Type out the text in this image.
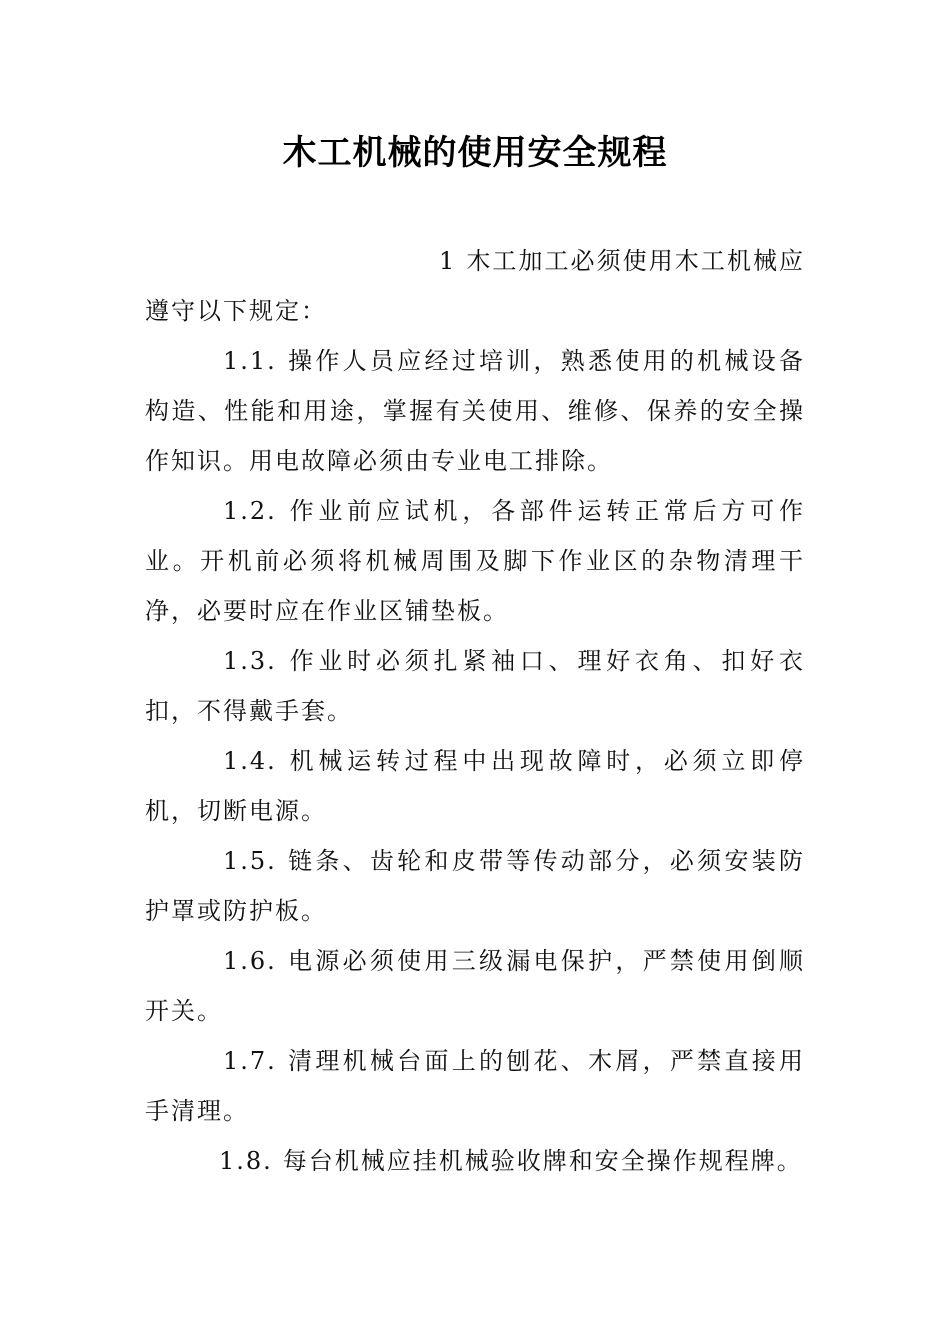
木工机械的使用安全规程

1 木工加工必须使用木工机械应遵守以下规定：

1.1. 操作人员应经过培训，熟悉使用的机械设备构造、性能和用途，掌握有关使用、维修、保养的安全操作知识。用电故障必须由专业电工排除。

1.2. 作业前应试机，各部件运转正常后方可作业。开机前必须将机械周围及脚下作业区的杂物清理干净，必要时应在作业区铺垫板。

1.3. 作业时必须扎紧袖口、理好衣角、扣好衣扣，不得戴手套。

1.4. 机械运转过程中出现故障时，必须立即停机，切断电源。

1.5. 链条、齿轮和皮带等传动部分，必须安装防护罩或防护板。

1.6. 电源必须使用三级漏电保护，严禁使用倒顺开关。

1.7. 清理机械台面上的刨花、木屑，严禁直接用手清理。

1.8. 每台机械应挂机械验收牌和安全操作规程牌。
